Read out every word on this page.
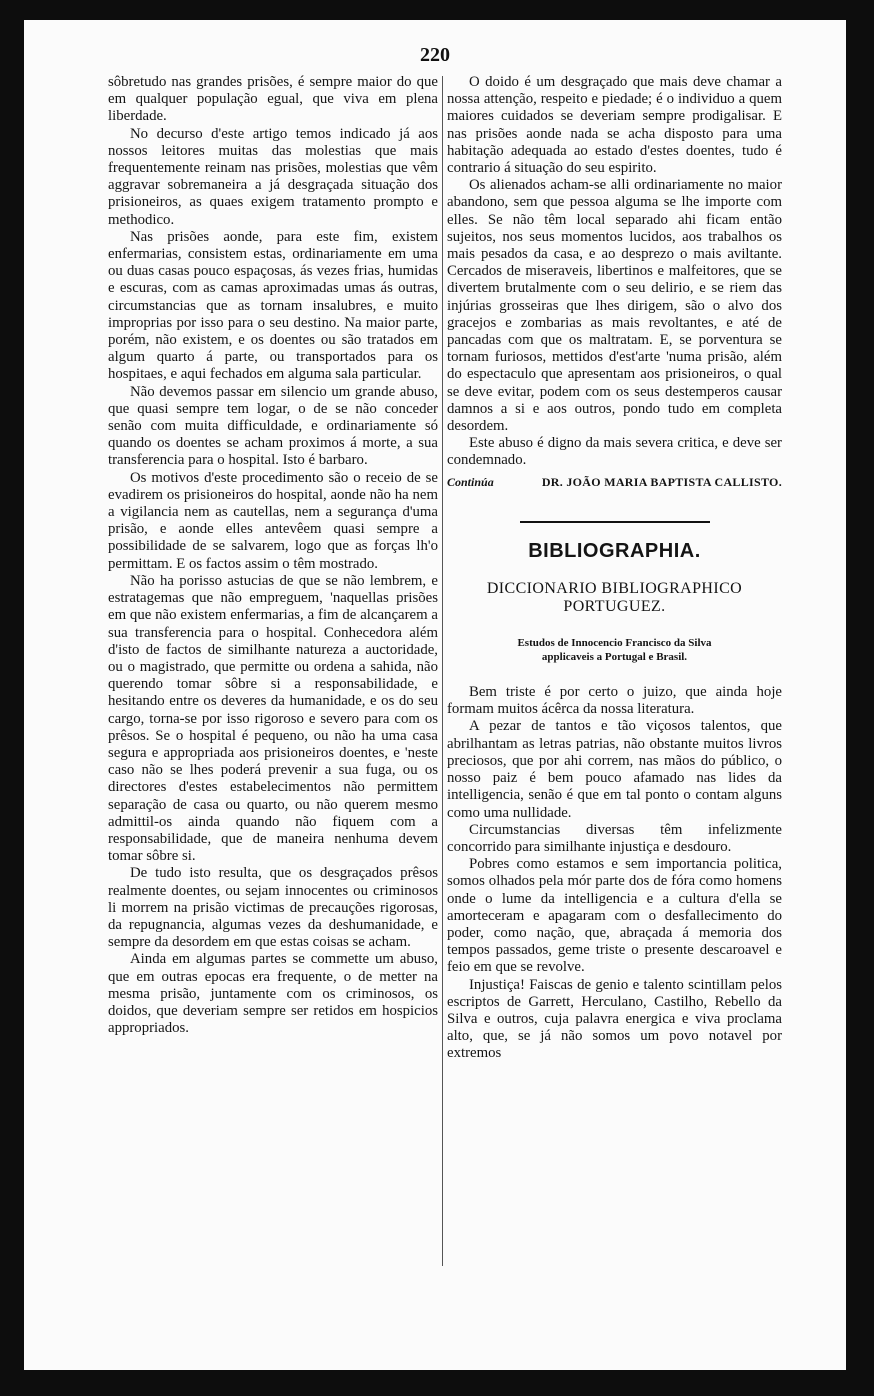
220

sôbretudo nas grandes prisões, é sempre maior do que em qualquer população egual, que viva em plena liberdade.

No decurso d'este artigo temos indicado já aos nossos leitores muitas das molestias que mais frequentemente reinam nas prisões, molestias que vêm aggravar sobremaneira a já desgraçada situação dos prisioneiros, as quaes exigem tratamento prompto e methodico.

Nas prisões aonde, para este fim, existem enfermarias, consistem estas, ordinariamente em uma ou duas casas pouco espaçosas, ás vezes frias, humidas e escuras, com as camas aproximadas umas ás outras, circumstancias que as tornam insalubres, e muito improprias por isso para o seu destino. Na maior parte, porém, não existem, e os doentes ou são tratados em algum quarto á parte, ou transportados para os hospitaes, e aqui fechados em alguma sala particular.

Não devemos passar em silencio um grande abuso, que quasi sempre tem logar, o de se não conceder senão com muita difficuldade, e ordinariamente só quando os doentes se acham proximos á morte, a sua transferencia para o hospital. Isto é barbaro.

Os motivos d'este procedimento são o receio de se evadirem os prisioneiros do hospital, aonde não ha nem a vigilancia nem as cautellas, nem a segurança d'uma prisão, e aonde elles antevêem quasi sempre a possibilidade de se salvarem, logo que as forças lh'o permittam. E os factos assim o têm mostrado.

Não ha porisso astucias de que se não lembrem, e estratagemas que não empreguem, 'naquellas prisões em que não existem enfermarias, a fim de alcançarem a sua transferencia para o hospital. Conhecedora além d'isto de factos de similhante natureza a auctoridade, ou o magistrado, que permitte ou ordena a sahida, não querendo tomar sôbre si a responsabilidade, e hesitando entre os deveres da humanidade, e os do seu cargo, torna-se por isso rigoroso e severo para com os prêsos. Se o hospital é pequeno, ou não ha uma casa segura e appropriada aos prisioneiros doentes, e 'neste caso não se lhes poderá prevenir a sua fuga, ou os directores d'estes estabelecimentos não permittem separação de casa ou quarto, ou não querem mesmo admittil-os ainda quando não fiquem com a responsabilidade, que de maneira nenhuma devem tomar sôbre si.

De tudo isto resulta, que os desgraçados prêsos realmente doentes, ou sejam innocentes ou criminosos li morrem na prisão victimas de precauções rigorosas, da repugnancia, algumas vezes da deshumanidade, e sempre da desordem em que estas coisas se acham.

Ainda em algumas partes se commette um abuso, que em outras epocas era frequente, o de metter na mesma prisão, juntamente com os criminosos, os doidos, que deveriam sempre ser retidos em hospicios appropriados.

O doido é um desgraçado que mais deve chamar a nossa attenção, respeito e piedade; é o individuo a quem maiores cuidados se deveriam sempre prodigalisar. E nas prisões aonde nada se acha disposto para uma habitação adequada ao estado d'estes doentes, tudo é contrario á situação do seu espirito.

Os alienados acham-se alli ordinariamente no maior abandono, sem que pessoa alguma se lhe importe com elles. Se não têm local separado ahi ficam então sujeitos, nos seus momentos lucidos, aos trabalhos os mais pesados da casa, e ao desprezo o mais aviltante. Cercados de miseraveis, libertinos e malfeitores, que se divertem brutalmente com o seu delirio, e se riem das injúrias grosseiras que lhes dirigem, são o alvo dos gracejos e zombarias as mais revoltantes, e até de pancadas com que os maltratam. E, se porventura se tornam furiosos, mettidos d'est'arte 'numa prisão, além do espectaculo que apresentam aos prisioneiros, o qual se deve evitar, podem com os seus destemperos causar damnos a si e aos outros, pondo tudo em completa desordem.

Este abuso é digno da mais severa critica, e deve ser condemnado.

Continúa	DR. JOÃO MARIA BAPTISTA CALLISTO.
BIBLIOGRAPHIA.
DICCIONARIO BIBLIOGRAPHICO
PORTUGUEZ.
Estudos de Innocencio Francisco da Silva
applicaveis a Portugal e Brasil.

Bem triste é por certo o juizo, que ainda hoje formam muitos ácêrca da nossa literatura.

A pezar de tantos e tão viçosos talentos, que abrilhantam as letras patrias, não obstante muitos livros preciosos, que por ahi correm, nas mãos do público, o nosso paiz é bem pouco afamado nas lides da intelligencia, senão é que em tal ponto o contam alguns como uma nullidade.

Circumstancias diversas têm infelizmente concorrido para similhante injustiça e desdouro.

Pobres como estamos e sem importancia politica, somos olhados pela mór parte dos de fóra como homens onde o lume da intelligencia e a cultura d'ella se amorteceram e apagaram com o desfallecimento do poder, como nação, que, abraçada á memoria dos tempos passados, geme triste o presente descaroavel e feio em que se revolve.

Injustiça! Faiscas de genio e talento scintillam pelos escriptos de Garrett, Herculano, Castilho, Rebello da Silva e outros, cuja palavra energica e viva proclama alto, que, se já não somos um povo notavel por extremos
